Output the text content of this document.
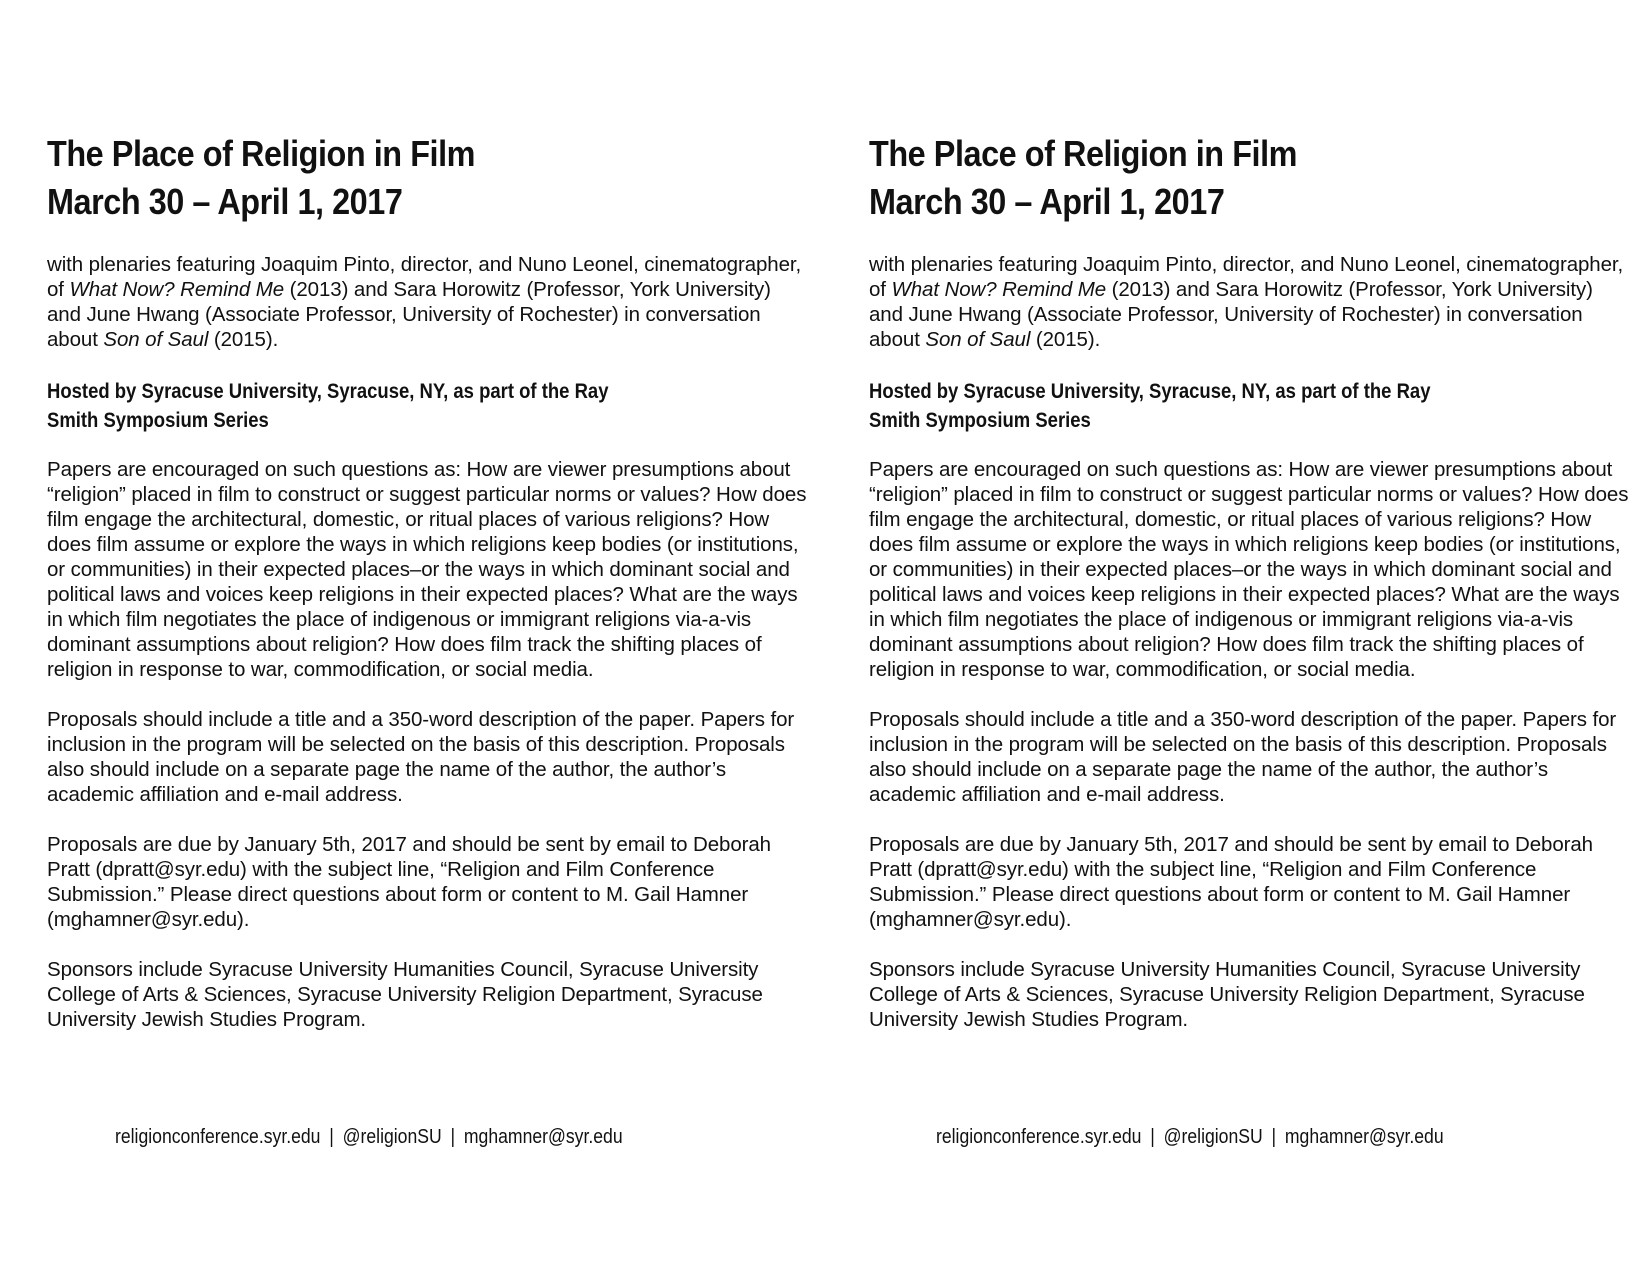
The Place of Religion in Film
March 30 – April 1, 2017

with plenaries featuring Joaquim Pinto, director, and Nuno Leonel, cinematographer, of What Now? Remind Me (2013) and Sara Horowitz (Professor, York University) and June Hwang (Associate Professor, University of Rochester) in conversation about Son of Saul (2015).

Hosted by Syracuse University, Syracuse, NY, as part of the Ray Smith Symposium Series

Papers are encouraged on such questions as: How are viewer presumptions about “religion” placed in film to construct or suggest particular norms or values? How does film engage the architectural, domestic, or ritual places of various religions? How does film assume or explore the ways in which religions keep bodies (or institutions, or communities) in their expected places–or the ways in which dominant social and political laws and voices keep religions in their expected places? What are the ways in which film negotiates the place of indigenous or immigrant religions via-a-vis dominant assumptions about religion? How does film track the shifting places of religion in response to war, commodification, or social media.

Proposals should include a title and a 350-word description of the paper. Papers for inclusion in the program will be selected on the basis of this description. Proposals also should include on a separate page the name of the author, the author’s academic affiliation and e-mail address.

Proposals are due by January 5th, 2017 and should be sent by email to Deborah Pratt (dpratt@syr.edu) with the subject line, “Religion and Film Conference Submission.” Please direct questions about form or content to M. Gail Hamner (mghamner@syr.edu).

Sponsors include Syracuse University Humanities Council, Syracuse University College of Arts & Sciences, Syracuse University Religion Department, Syracuse University Jewish Studies Program.

religionconference.syr.edu | @religionSU | mghamner@syr.edu
The Place of Religion in Film
March 30 – April 1, 2017

with plenaries featuring Joaquim Pinto, director, and Nuno Leonel, cinematographer, of What Now? Remind Me (2013) and Sara Horowitz (Professor, York University) and June Hwang (Associate Professor, University of Rochester) in conversation about Son of Saul (2015).

Hosted by Syracuse University, Syracuse, NY, as part of the Ray Smith Symposium Series

Papers are encouraged on such questions as: How are viewer presumptions about “religion” placed in film to construct or suggest particular norms or values? How does film engage the architectural, domestic, or ritual places of various religions? How does film assume or explore the ways in which religions keep bodies (or institutions, or communities) in their expected places–or the ways in which dominant social and political laws and voices keep religions in their expected places? What are the ways in which film negotiates the place of indigenous or immigrant religions via-a-vis dominant assumptions about religion? How does film track the shifting places of religion in response to war, commodification, or social media.

Proposals should include a title and a 350-word description of the paper. Papers for inclusion in the program will be selected on the basis of this description. Proposals also should include on a separate page the name of the author, the author’s academic affiliation and e-mail address.

Proposals are due by January 5th, 2017 and should be sent by email to Deborah Pratt (dpratt@syr.edu) with the subject line, “Religion and Film Conference Submission.” Please direct questions about form or content to M. Gail Hamner (mghamner@syr.edu).

Sponsors include Syracuse University Humanities Council, Syracuse University College of Arts & Sciences, Syracuse University Religion Department, Syracuse University Jewish Studies Program.

religionconference.syr.edu | @religionSU | mghamner@syr.edu
